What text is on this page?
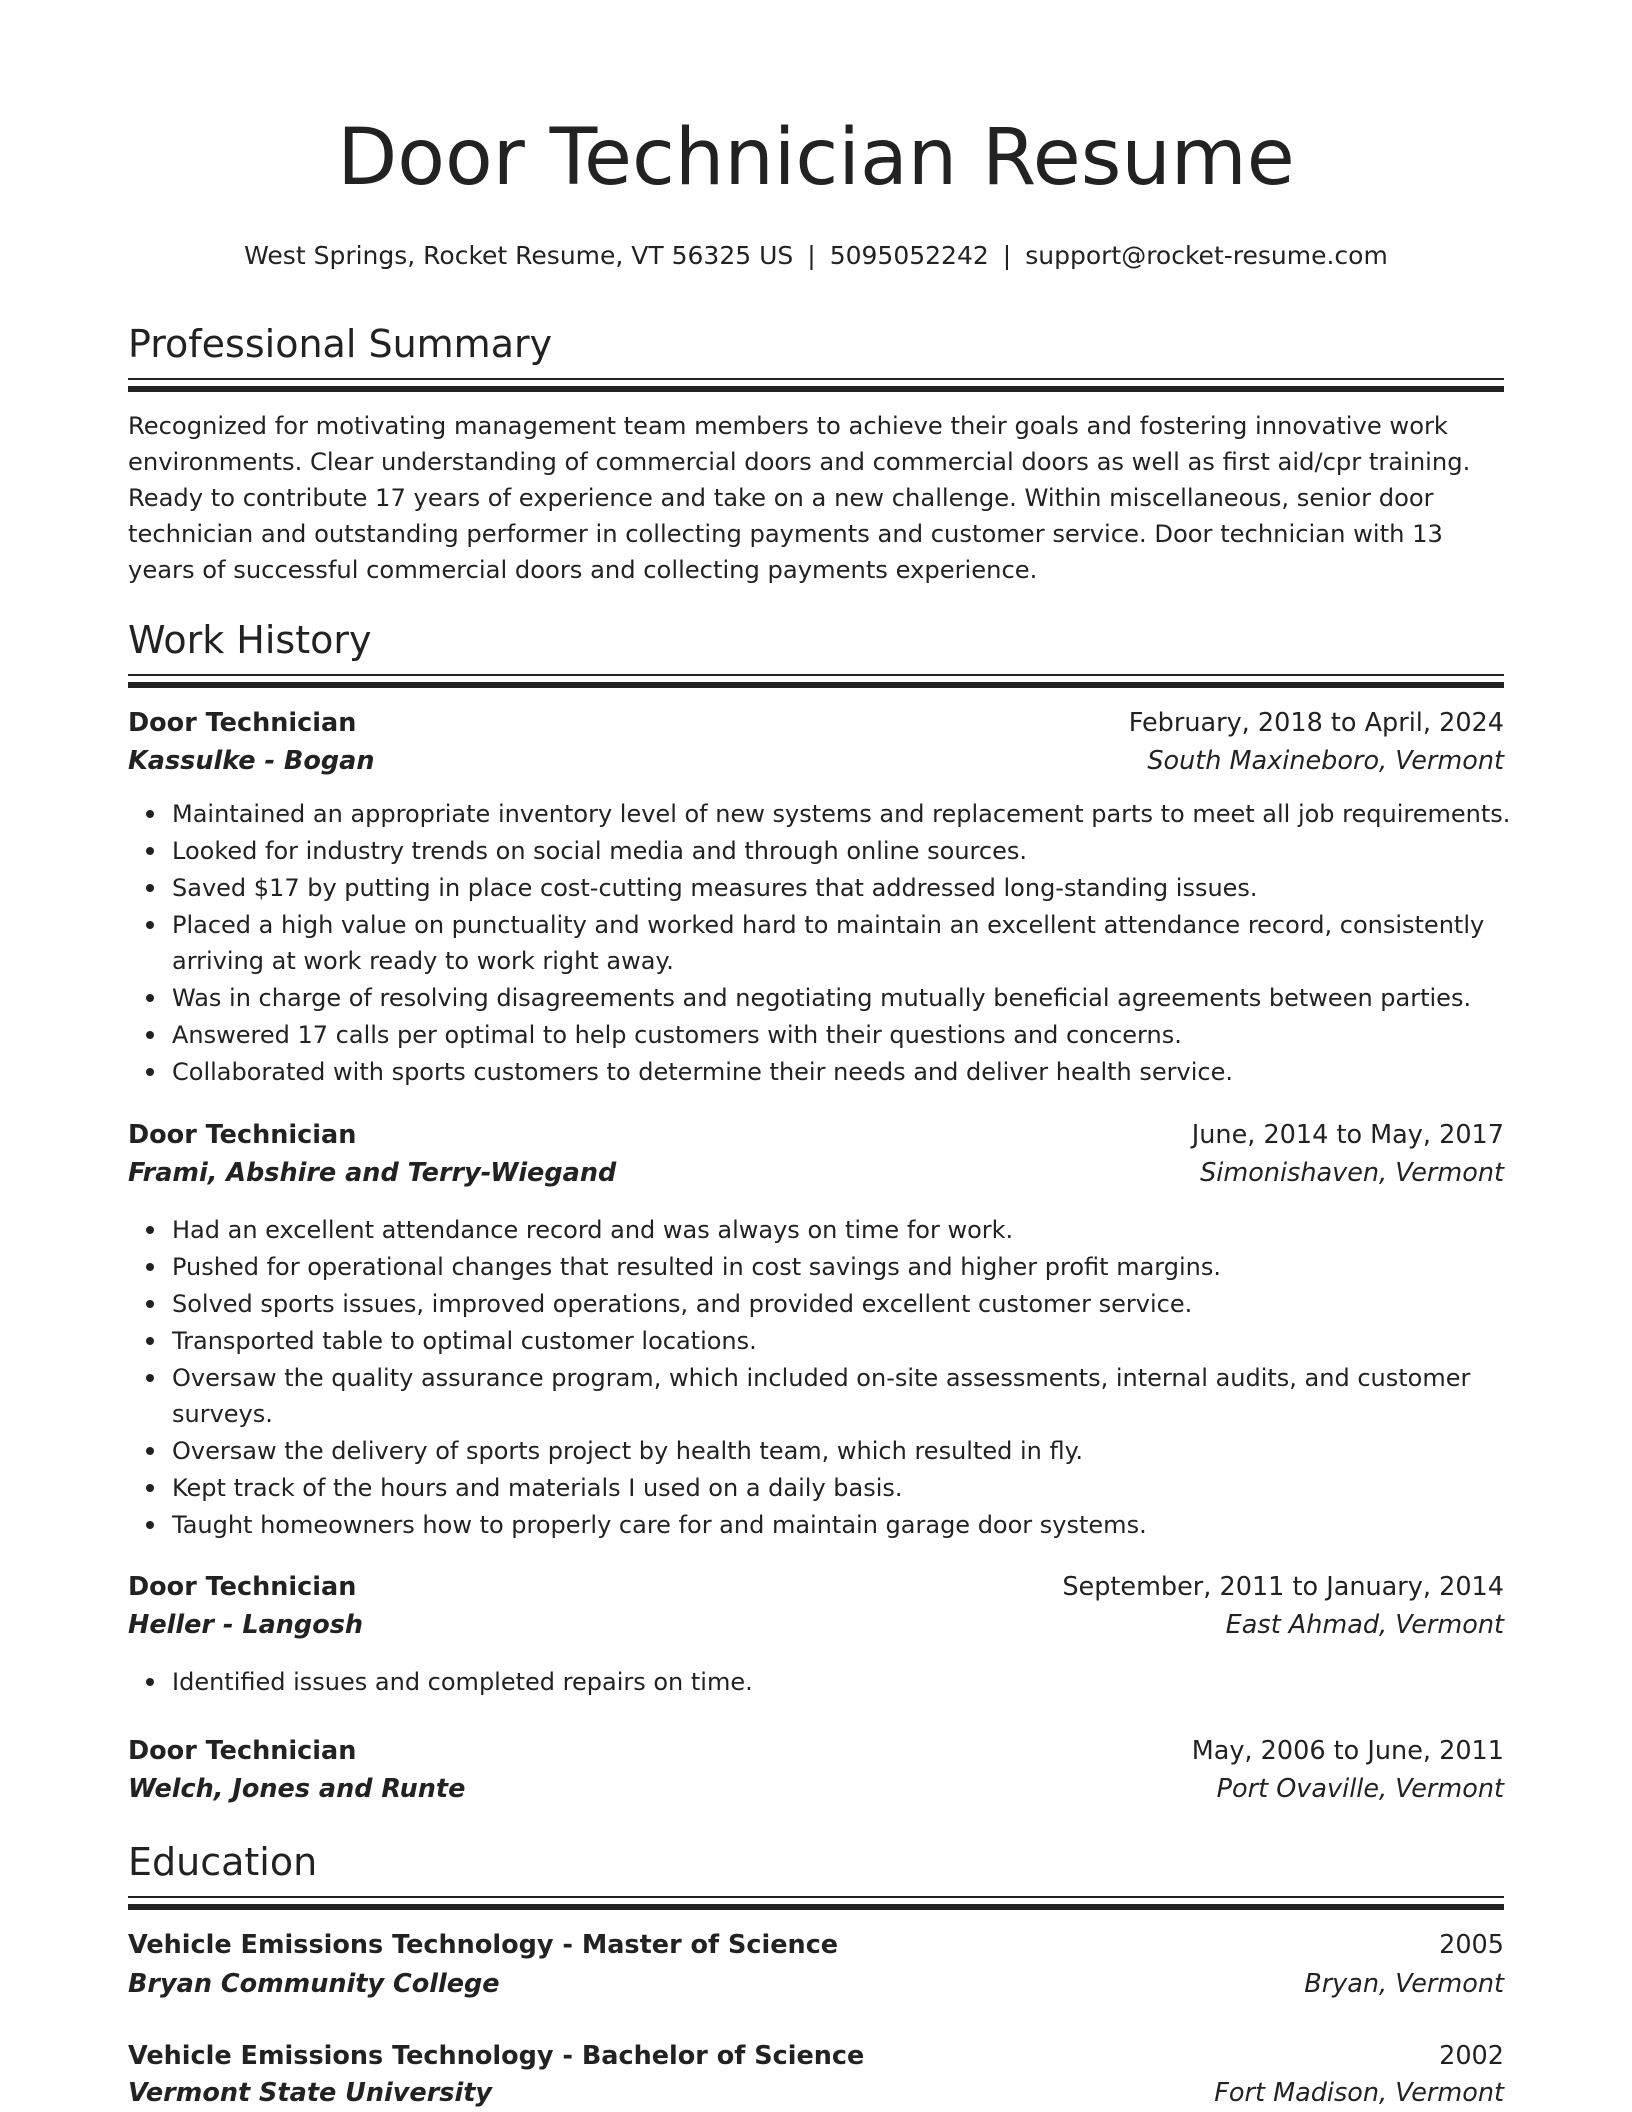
Door Technician Resume
West Springs, Rocket Resume, VT 56325 US | 5095052242 | support@rocket-resume.com
Professional Summary
Recognized for motivating management team members to achieve their goals and fostering innovative work environments. Clear understanding of commercial doors and commercial doors as well as first aid/cpr training. Ready to contribute 17 years of experience and take on a new challenge. Within miscellaneous, senior door technician and outstanding performer in collecting payments and customer service. Door technician with 13 years of successful commercial doors and collecting payments experience.
Work History
Door Technician	February, 2018 to April, 2024
Kassulke - Bogan	South Maxineboro, Vermont
Maintained an appropriate inventory level of new systems and replacement parts to meet all job requirements.
Looked for industry trends on social media and through online sources.
Saved $17 by putting in place cost-cutting measures that addressed long-standing issues.
Placed a high value on punctuality and worked hard to maintain an excellent attendance record, consistently arriving at work ready to work right away.
Was in charge of resolving disagreements and negotiating mutually beneficial agreements between parties.
Answered 17 calls per optimal to help customers with their questions and concerns.
Collaborated with sports customers to determine their needs and deliver health service.
Door Technician	June, 2014 to May, 2017
Frami, Abshire and Terry-Wiegand	Simonishaven, Vermont
Had an excellent attendance record and was always on time for work.
Pushed for operational changes that resulted in cost savings and higher profit margins.
Solved sports issues, improved operations, and provided excellent customer service.
Transported table to optimal customer locations.
Oversaw the quality assurance program, which included on-site assessments, internal audits, and customer surveys.
Oversaw the delivery of sports project by health team, which resulted in fly.
Kept track of the hours and materials I used on a daily basis.
Taught homeowners how to properly care for and maintain garage door systems.
Door Technician	September, 2011 to January, 2014
Heller - Langosh	East Ahmad, Vermont
Identified issues and completed repairs on time.
Door Technician	May, 2006 to June, 2011
Welch, Jones and Runte	Port Ovaville, Vermont
Education
Vehicle Emissions Technology - Master of Science	2005
Bryan Community College	Bryan, Vermont
Vehicle Emissions Technology - Bachelor of Science	2002
Vermont State University	Fort Madison, Vermont
